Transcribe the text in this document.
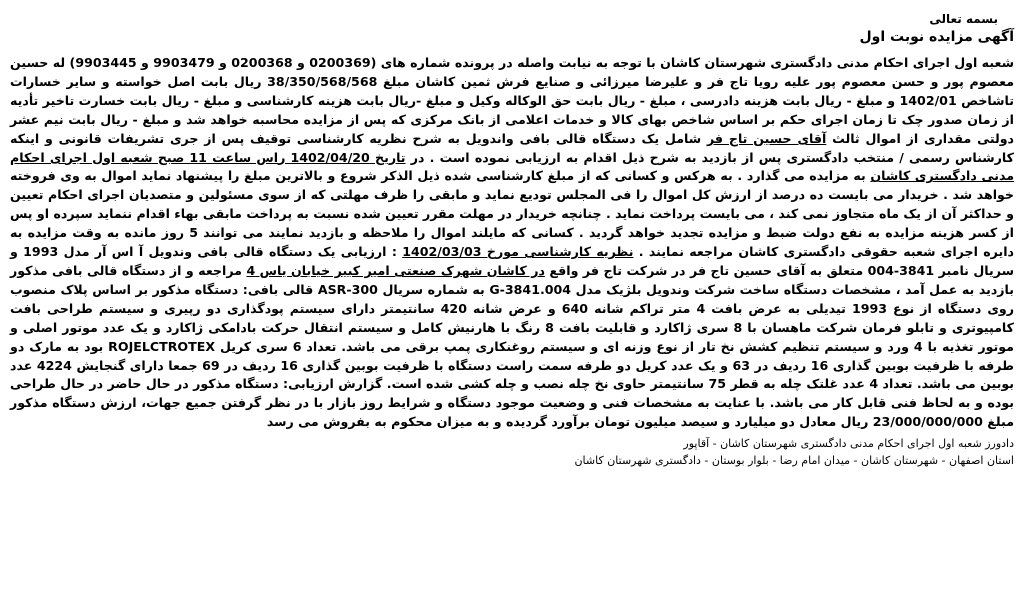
بسمه تعالی
آگهی مزایده نوبت اول
شعبه اول اجرای احکام مدنی دادگستری شهرستان کاشان با توجه به نیابت واصله در پرونده شماره های (0200369 و 0200368 و 9903479 و 9903445) له حسین معصوم پور و حسن معصوم پور علیه رویا تاج فر و علیرضا میرزائی و صنایع فرش ثمین کاشان مبلغ 38/350/568/568 ریال بابت اصل خواسته و سایر خسارات تاشاخص 1402/01 و مبلغ - ریال بابت هزینه دادرسی ، مبلغ - ریال بابت حق الوکاله وکیل و مبلغ -ریال بابت هزینه کارشناسی و مبلغ - ریال بابت خسارت تاخیر تأدیه از زمان صدور چک تا زمان اجرای حکم بر اساس شاخص بهای کالا و خدمات اعلامی از بانک مرکزی که پس از مزایده محاسبه خواهد شد و مبلغ - ریال بابت نیم عشر دولتی مقداری از اموال ثالث آقای حسین تاج فر شامل یک دستگاه قالی بافی واندویل به شرح نظریه کارشناسی توقیف پس از جری تشریفات قانونی و اینکه کارشناس رسمی / منتخب دادگستری پس از بازدید به شرح ذیل اقدام به ارزیابی نموده است . در تاریخ 1402/04/20 راس ساعت 11 صبح شعبه اول اجرای احکام مدنی دادگستری کاشان به مزایده می گذارد . به هرکس و کسانی که از مبلغ کارشناسی شده ذیل الذکر شروع و بالاترین مبلغ را پیشنهاد نماید اموال به وی فروخته خواهد شد . خریدار می بایست ده درصد از ارزش کل اموال را فی المجلس تودیع نماید و مابقی را ظرف مهلتی که از سوی مسئولین و متصدیان اجرای احکام تعیین و حداکثر آن از یک ماه متجاوز نمی کند ، می بایست پرداخت نماید . چنانچه خریدار در مهلت مقرر تعیین شده نسبت به پرداخت مابقی بهاء اقدام ننماید سپرده او پس از کسر هزینه مزایده به نفع دولت ضبط و مزایده تجدید خواهد گردید . کسانی که مایلند اموال را ملاحظه و بازدید نمایند می توانند 5 روز مانده به وقت مزایده به دایره اجرای شعبه حقوقی دادگستری کاشان مراجعه نمایند . نظریه کارشناسی مورخ 1402/03/03 : ارزیابی یک دستگاه قالی بافی وندویل آ اس آر مدل 1993 و سریال نامبر 3841-004 متعلق به آقای حسین تاج فر در شرکت تاج فر واقع در کاشان شهرک صنعتی امیر کبیر خیابان یاس 4 مراجعه و از دستگاه قالی بافی مذکور بازدید به عمل آمد ، مشخصات دستگاه ساخت شرکت وندویل بلژیک مدل G-3841.004 به شماره سریال ASR-300 قالی بافی: دستگاه مذکور بر اساس پلاک منصوب روی دستگاه از نوع 1993 تیدیلی به عرض بافت 4 متر تراکم شانه 640 و عرض شانه 420 سانتیمتر دارای سیستم پودگذاری دو رپیری و سیستم طراحی بافت کامپیوتری و تابلو فرمان شرکت ماهسان با 8 سری ژاکارد و قابلیت بافت 8 رنگ با هارنیش کامل و سیستم انتقال حرکت بادامکی ژاکارد و یک عدد موتور اصلی و موتور تغذیه با 4 ورد و سیستم تنظیم کشش نخ تار از نوع وزنه ای و سیستم روغنکاری پمپ برقی می باشد. تعداد 6 سری کریل ROJELCTROTEX بود به مارک دو طرفه با ظرفیت بوبین گذاری 16 ردیف در 63 و یک عدد کریل دو طرفه سمت راست دستگاه با ظرفیت بوبین گذاری 16 ردیف در 69 جمعا دارای گنجایش 4224 عدد بوبین می باشد. تعداد 4 عدد غلتک چله به قطر 75 سانتیمتر حاوی نخ چله نصب و چله کشی شده است. گزارش ارزیابی: دستگاه مذکور در حال حاضر در حال طراحی بوده و به لحاظ فنی قابل کار می باشد. با عنایت به مشخصات فنی و وضعیت موجود دستگاه و شرایط روز بازار با در نظر گرفتن جمیع جهات، ارزش دستگاه مذکور مبلغ 23/000/000/000 ریال معادل دو میلیارد و سیصد میلیون تومان برآورد گردیده و به میزان محکوم به بفروش می رسد
دادورز شعبه اول اجرای احکام مدنی دادگستری شهرستان کاشان - آقاپور
استان اصفهان - شهرستان کاشان - میدان امام رضا - بلوار بوستان - دادگستری شهرستان کاشان
